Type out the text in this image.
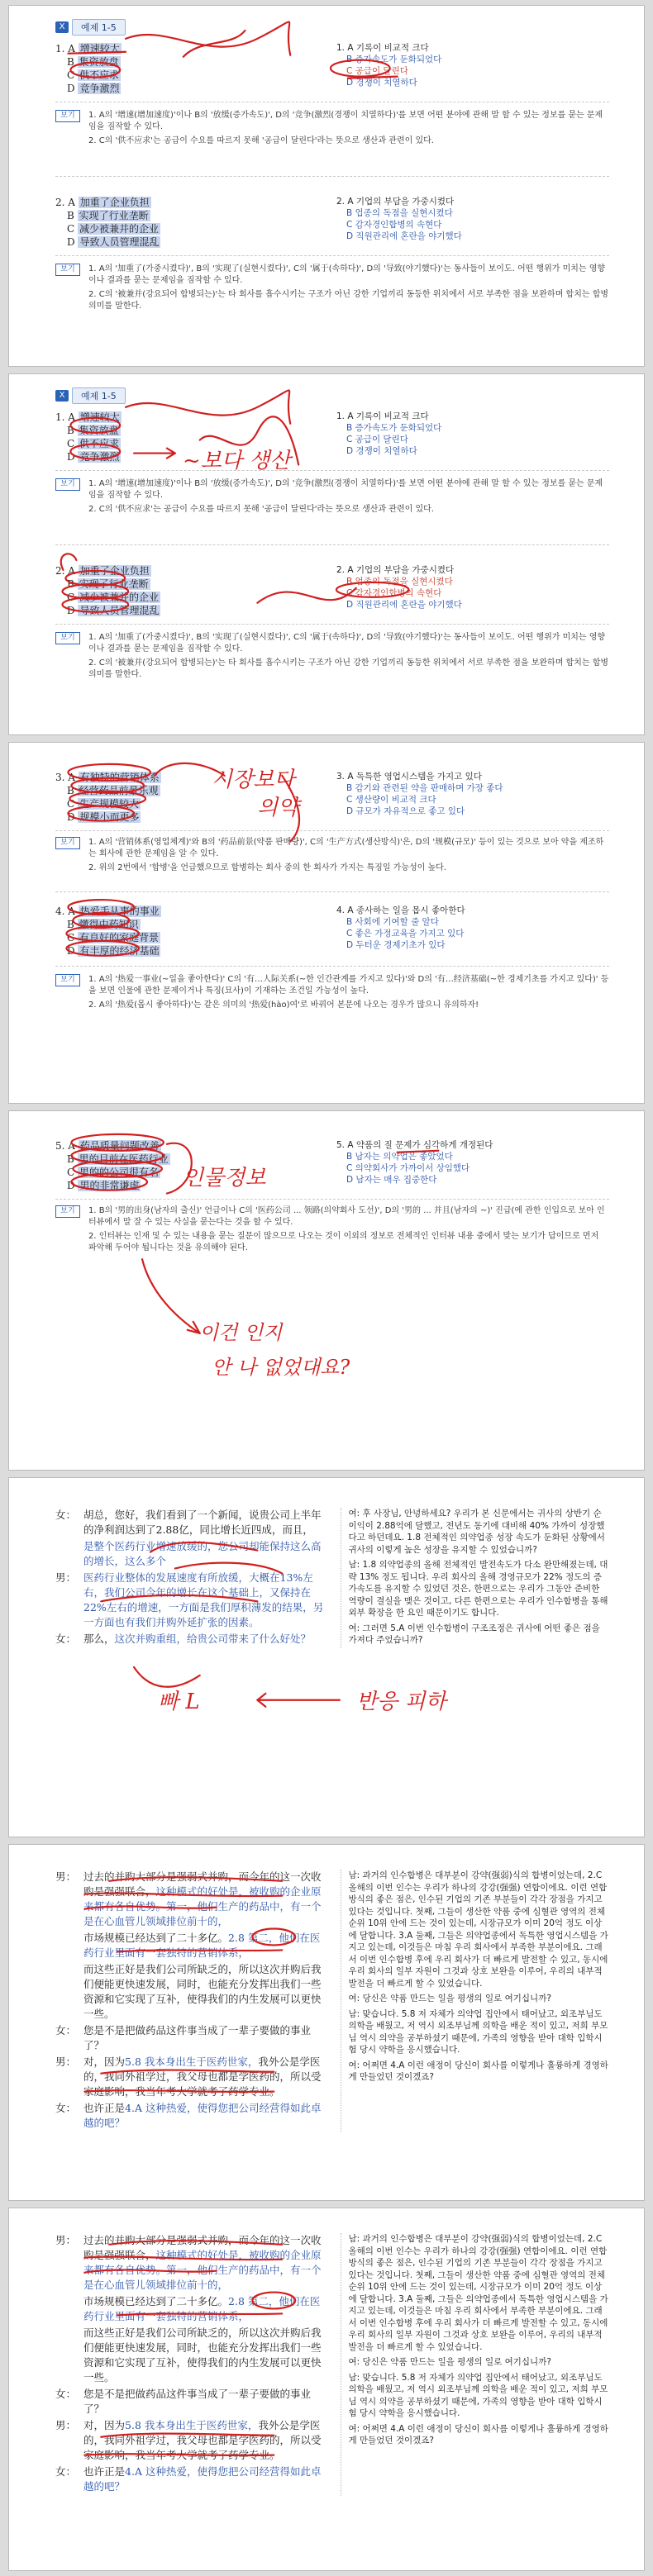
X	예제 1-5
1. A 增速较大
B 集资放盘
C 供不应求
D 竞争激烈
1. A 기록이 비교적 크다
B 증가속도가 둔화되었다
C 공급이 달린다
D 경쟁이 치열하다
보기	1. A의 '增速(增加速度)'이나 B의 '放缓(증가속도)', D의 '竞争(激烈(경쟁이 치열하다)'를 보면 어떤 분야에 관해 말 할 수 있는 정보를 묻는 문제임을 짐작할 수 있다.
2. C의 '供不应求'는 공급이 수요를 따르지 못해 '공급이 달린다'라는 뜻으로 생산과 관련이 있다.
2. A 加重了企业负担
B 实现了行业垄断
C 减少被兼并的企业
D 导致人员管理混乱
2. A 기업의 부담을 가중시켰다
B 업종의 독점을 실현시켰다
C 감자경인합병의 속현다
D 직원관리에 혼란을 야기했다
보기	1. A의 '加重了(가중시켰다)', B의 '实现了(실현시켰다)', C의 '属于(속하다)', D의 '导致(야기했다)'는 동사들이 보이도. 어떤 행위가 미치는 영향이나 결과를 묻는 문제임을 짐작할 수 있다.
2. C의 '被兼并(강요되어 합병되는)'는 타 회사를 흡수시키는 구조가 아닌 강한 기업끼리 동등한 위치에서 서로 부족한 점을 보완하며 합치는 합병의미를 말한다.
X	예제 1-5
1. A 增速较大
B 集资放盘
C 供不应求
D 竞争激烈
1. A 기록이 비교적 크다
B 증가속도가 둔화되었다
C 공급이 달린다
D 경쟁이 치열하다
보기	1. A의 '增速(增加速度)'이나 B의 '放缓(증가속도)', D의 '竞争(激烈(경쟁이 치열하다)'를 보면 어떤 분야에 관해 말 할 수 있는 정보를 묻는 문제임을 짐작할 수 있다.
2. C의 '供不应求'는 공급이 수요를 따르지 못해 '공급이 달린다'라는 뜻으로 생산과 관련이 있다.
2. A 加重了企业负担
B 实现了行业垄断
C 减少被兼并的企业
D 导致人员管理混乱
2. A 기업의 부담을 가중시켰다
B 업종의 독점을 실현시켰다
C 감자경인합병의 속현다
D 직원관리에 혼란을 야기했다
보기	1. A의 '加重了(가중시켰다)', B의 '实现了(실현시켰다)', C의 '属于(속하다)', D의 '导致(야기했다)'는 동사들이 보이도. 어떤 행위가 미치는 영향이나 결과를 묻는 문제임을 짐작할 수 있다.
2. C의 '被兼并(강요되어 합병되는)'는 타 회사를 흡수시키는 구조가 아닌 강한 기업끼리 동등한 위치에서 서로 부족한 점을 보완하며 합치는 합병의미를 말한다.
~보다 생산
3. A 有独特的营销体系
B 经营药品前景乐观
C 生产规模较大
D 规模小而更多
3. A 독특한 영업시스템을 가지고 있다
B 감기와 관련된 약을 판매하며 가장 좋다
C 생산량이 비교적 크다
D 규모가 자유적으로 좋고 있다
보기	1. A의 '营销体系(영업체계)'와 B의 '药品前景(약품 판매량)', C의 '生产方式(생산방식)'은, D의 '规模(규모)' 등이 있는 것으로 보아 약을 제조하는 회사에 관한 문제임을 알 수 있다.
2. 위의 2번에서 '합병'을 언급했으므로 합병하는 회사 중의 한 회사가 가지는 특징일 가능성이 높다.
4. A 热爱手从事的事业
B 懂得中药知识
C 有良好的家庭背景
D 有丰厚的经济基础
4. A 종사하는 일을 몹시 좋아한다
B 사회에 기여할 줄 알다
C 좋은 가정교육을 가지고 있다
D 두터운 경제기초가 있다
보기	1. A의 '热爱一事业(~일을 좋아한다)' C의 '有…人际关系(~한 인간관계를 가지고 있다)'와 D의 '有…经济基础(~한 경제기초를 가지고 있다)' 등을 보면 인물에 관한 문제이거나 특징(묘사)이 기재하는 조건일 가능성이 높다.
2. A의 '热爱(몹시 좋아하다)'는 같은 의미의 '热爱(hào)여'로 바꿔어 본문에 나오는 경우가 많으니 유의하자!
시장보다
의약
5. A 药品质量问题改善
B 男的目前在医药行业
C 男的的公司很有名
D 男的非常谦虚
5. A 약품의 질 문제가 심각하게 개정된다
B 남자는 의약업은 좋았었다
C 의약회사가 가까이서 상임했다
D 남자는 매우 집중한다
보기	1. B의 '男的出身(남자의 출신)' 언급이나 C의 '医药公司 ... 领路(의약회사 도선)', D의 '男的 ... 并且(남자의 ~)' 진급(에 관한 인입으로 보아 인터뷰에서 말 잘 수 있는 사실을 묻는다는 것을 할 수 있다.
2. 인터뷰는 인재 및 수 있는 내용을 묻는 질문이 많으므로 나오는 것이 이외의 정보로 전체적인 인터뷰 내용 중에서 맞는 보기가 답이므로 먼저 파악해 두어야 됩니다는 것을 유의해야 된다.
인물정보
이건 인지
안 나 없었대요?
女： 胡总，您好，我们看到了一个新闻，说贵公司上半年的净利润达到了2.88亿，同比增长近四成，而且，
是整个医药行业增速放缓的，您公司却能保持这么高的增长，这么多个
男： 医药行业整体的发展速度有所放缓，大概在13%左右，我们公司今年的增长在这个基础上，又保持在22%左右的增速，一方面是我们厚积薄发的结果，另一方面也有我们并购外延扩张的因素。
女： 那么，这次并购重组，给贵公司带来了什么好处？
여: 후 사장님, 안녕하세요? 우리가 본 신문에서는 귀사의 상반기 순이익이 2.88억에 달했고, 전년도 동기에 대비해 40% 가까이 성장했다고 하던데요. 1.8 전체적인 의약업종 성장 속도가 둔화된 상황에서 귀사의 이렇게 높은 성장을 유지할 수 있었습니까?
남: 1.8 의약업종의 올해 전체적인 발전속도가 다소 완만해졌는데, 대략 13% 정도 됩니다. 우리 회사의 올해 경영규모가 22% 정도의 증가속도를 유지할 수 있었던 것은, 한편으로는 우리가 그동안 준비한 역량이 결실을 맺은 것이고, 다른 한편으로는 우리가 인수합병을 통해 외부 확장을 한 요인 때문이기도 합니다.
여: 그러면 5.A 이번 인수합병이 구조조정은 귀사에 어떤 좋은 점을 가져다 주었습니까?
빠 L	반응 피하
男： 过去的并购大部分是强弱式并购，而今年的这一次收购是强强联合，这种模式的好处是，被收购的企业原来都有各自优势。第一，他们生产的药品中，有一个是在心血管儿领域排位前十的，
市场规模已经达到了二十多亿。2.8 第二，他们在医药行业里面有一套独特的营销体系，
而这些正好是我们公司所缺乏的，所以这次并购后我们便能更快速发展，同时，也能充分发挥出我们一些资源和它实现了互补，使得我们的内生发展可以更快一些。
女： 您是不是把做药品这件事当成了一辈子要做的事业了？
男： 对，因为5.8 我本身出生于医药世家，我外公是学医的，我同外祖学过，我父母也都是学医药的，所以受家庭影响，我当年考大学就考了药学专业。
女： 也许正是4.A 这种热爱，使得您把公司经营得如此卓越的吧？
남: 과거의 인수합병은 대부분이 강약(强弱)식의 합병이었는데, 2.C 올해의 이번 인수는 우리가 하나의 강강(强强) 연합이에요. 이런 연합 방식의 좋은 점은, 인수된 기업의 기존 부분들이 각각 장점을 가지고 있다는 것입니다. 첫째, 그들이 생산한 약품 중에 심혈관 영역의 전체 순위 10위 안에 드는 것이 있는데, 시장규모가 이미 20억 정도 이상에 달합니다. 3.A 둘째, 그들은 의약업종에서 독특한 영업시스템을 가지고 있는데, 이것들은 마침 우리 회사에서 부족한 부분이에요. 그래서 이번 인수합병 후에 우리 회사가 더 빠르게 발전할 수 있고, 동시에 우리 회사의 일부 자원이 그것과 상호 보완을 이루어, 우리의 내부적 발전을 더 빠르게 할 수 있었습니다.
여: 당신은 약품 만드는 일을 평생의 일로 여기십니까?
남: 맞습니다. 5.8 저 자체가 의약업 집안에서 태어났고, 외조부님도 의학을 배웠고, 저 역시 외조부님께 의학을 배운 적이 있고, 저희 부모님 역시 의약을 공부하셨기 때문에, 가족의 영향을 받아 대학 입학시험 당시 약학을 응시했습니다.
여: 어쩌면 4.A 이런 애정이 당신이 회사를 이렇게나 훌륭하게 경영하게 만들었던 것이겠죠?
男： 过去的并购大部分是强弱式并购，而今年的这一次收购是强强联合，这种模式的好处是，被收购的企业原来都有各自优势。第一，他们生产的药品中，有一个是在心血管儿领域排位前十的，
市场规模已经达到了二十多亿。2.8 第二，他们在医药行业里面有一套独特的营销体系，
而这些正好是我们公司所缺乏的，所以这次并购后我们便能更快速发展，同时，也能充分发挥出我们一些资源和它实现了互补，使得我们的内生发展可以更快一些。
女： 您是不是把做药品这件事当成了一辈子要做的事业了？
男： 对，因为5.8 我本身出生于医药世家，我外公是学医的，我同外祖学过，我父母也都是学医药的，所以受家庭影响，我当年考大学就考了药学专业。
女： 也许正是4.A 这种热爱，使得您把公司经营得如此卓越的吧？
남: 과거의 인수합병은 대부분이 강약(强弱)식의 합병이었는데, 2.C 올해의 이번 인수는 우리가 하나의 강강(强强) 연합이에요. 이런 연합 방식의 좋은 점은, 인수된 기업의 기존 부분들이 각각 장점을 가지고 있다는 것입니다. 첫째, 그들이 생산한 약품 중에 심혈관 영역의 전체 순위 10위 안에 드는 것이 있는데, 시장규모가 이미 20억 정도 이상에 달합니다. 3.A 둘째, 그들은 의약업종에서 독특한 영업시스템을 가지고 있는데, 이것들은 마침 우리 회사에서 부족한 부분이에요. 그래서 이번 인수합병 후에 우리 회사가 더 빠르게 발전할 수 있고, 동시에 우리 회사의 일부 자원이 그것과 상호 보완을 이루어, 우리의 내부적 발전을 더 빠르게 할 수 있었습니다.
여: 당신은 약품 만드는 일을 평생의 일로 여기십니까?
남: 맞습니다. 5.8 저 자체가 의약업 집안에서 태어났고, 외조부님도 의학을 배웠고, 저 역시 외조부님께 의학을 배운 적이 있고, 저희 부모님 역시 의약을 공부하셨기 때문에, 가족의 영향을 받아 대학 입학시험 당시 약학을 응시했습니다.
여: 어쩌면 4.A 이런 애정이 당신이 회사를 이렇게나 훌륭하게 경영하게 만들었던 것이겠죠?
